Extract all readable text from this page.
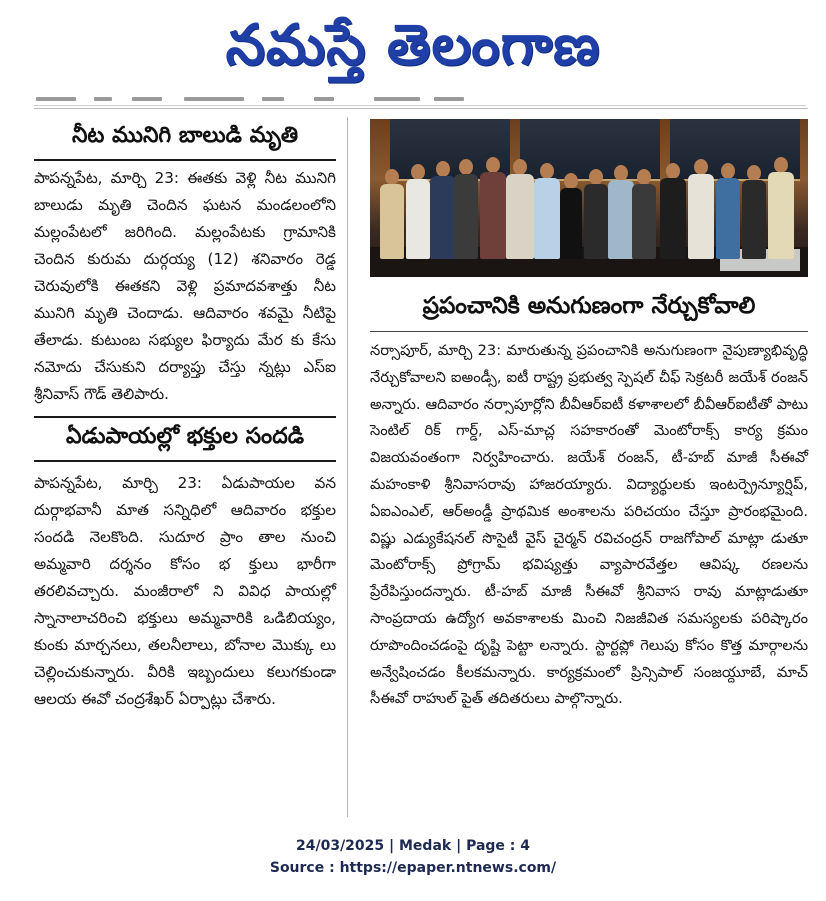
నమస్తే తెలంగాణ
నీట మునిగి బాలుడి మృతి

పాపన్నపేట, మార్చి 23: ఈతకు వెళ్లి నీట మునిగి బాలుడు మృతి చెందిన ఘటన మండలంలోని మల్లంపేటలో జరిగింది. మల్లంపేటకు గ్రామానికి చెందిన కురుమ దుర్గయ్య (12) శనివారం రెడ్డ చెరువులోకి ఈతకని వెళ్లి ప్రమాదవశాత్తు నీట మునిగి మృతి చెందాడు. ఆదివారం శవమై నీటిపై తేలాడు. కుటుంబ సభ్యుల ఫిర్యాదు మేర కు కేసు నమోదు చేసుకుని దర్యాప్తు చేస్తు న్నట్లు ఎస్ఐ శ్రీనివాస్ గౌడ్ తెలిపారు.

ఏడుపాయల్లో భక్తుల సందడి

పాపన్నపేట, మార్చి 23: ఏడుపాయల వన దుర్గాభవానీ మాత సన్నిధిలో ఆదివారం భక్తుల సందడి నెలకొంది. సుదూర ప్రాం తాల నుంచి అమ్మవారి దర్శనం కోసం భ క్తులు భారీగా తరలివచ్చారు. మంజీరాలో ని వివిధ పాయల్లో స్నానాలాచరించి భక్తులు అమ్మవారికి ఒడిబియ్యం, కుంకు మార్చనలు, తలనీలాలు, బోనాల మొక్కు లు చెల్లించుకున్నారు. వీరికి ఇబ్బందులు కలుగకుండా ఆలయ ఈవో చంద్రశేఖర్ ఏర్పాట్లు చేశారు.

ప్రపంచానికి అనుగుణంగా నేర్చుకోవాలి

నర్సాపూర్, మార్చి 23: మారుతున్న ప్రపంచానికి అనుగుణంగా నైపుణ్యాభివృద్ధి నేర్చుకోవాలని ఐఅండ్సీ, ఐటీ రాష్ట్ర ప్రభుత్వ స్పెషల్ చీఫ్ సెక్రటరీ జయేశ్ రంజన్ అన్నారు. ఆదివారం నర్సాపూర్లోని బీవీఆర్ఐటీ కళాశాలలో బీవీఆర్ఐటీతో పాటు సెంటిల్ రిక్ గార్డ్, ఎస్-మాచ్ల సహకారంతో మెంటోరాక్స్ కార్య క్రమం విజయవంతంగా నిర్వహించారు. జయేశ్ రంజన్, టీ-హబ్ మాజీ సీఈవో మహంకాళి శ్రీనివాసరావు హాజరయ్యారు. విద్యార్థులకు ఇంటర్ప్రెన్యూర్షిప్, ఏఐఎంఎల్, ఆర్అండ్డీ ప్రాథమిక అంశాలను పరిచయం చేస్తూ ప్రారంభమైంది. విష్ణు ఎడ్యుకేషనల్ సొసైటీ వైస్ చైర్మన్ రవిచంద్రన్ రాజగోపాల్ మాట్లా డుతూ మెంటోరాక్స్ ప్రోగ్రామ్ భవిష్యత్తు వ్యాపారవేత్తల ఆవిష్క రణలను ప్రేరేపిస్తుందన్నారు. టీ-హబ్ మాజీ సీఈవో శ్రీనివాస రావు మాట్లాడుతూ సాంప్రదాయ ఉద్యోగ అవకాశాలకు మించి నిజజీవిత సమస్యలకు పరిష్కారం రూపొందించడంపై దృష్టి పెట్టా లన్నారు. స్టార్టప్లో గెలుపు కోసం కొత్త మార్గాలను అన్వేషించడం కీలకమన్నారు. కార్యక్రమంలో ప్రిన్సిపాల్ సంజయ్దూబే, మాచ్ సీఈవో రాహుల్ పైత్ తదితరులు పాల్గొన్నారు.

24/03/2025 | Medak | Page : 4
Source : https://epaper.ntnews.com/
